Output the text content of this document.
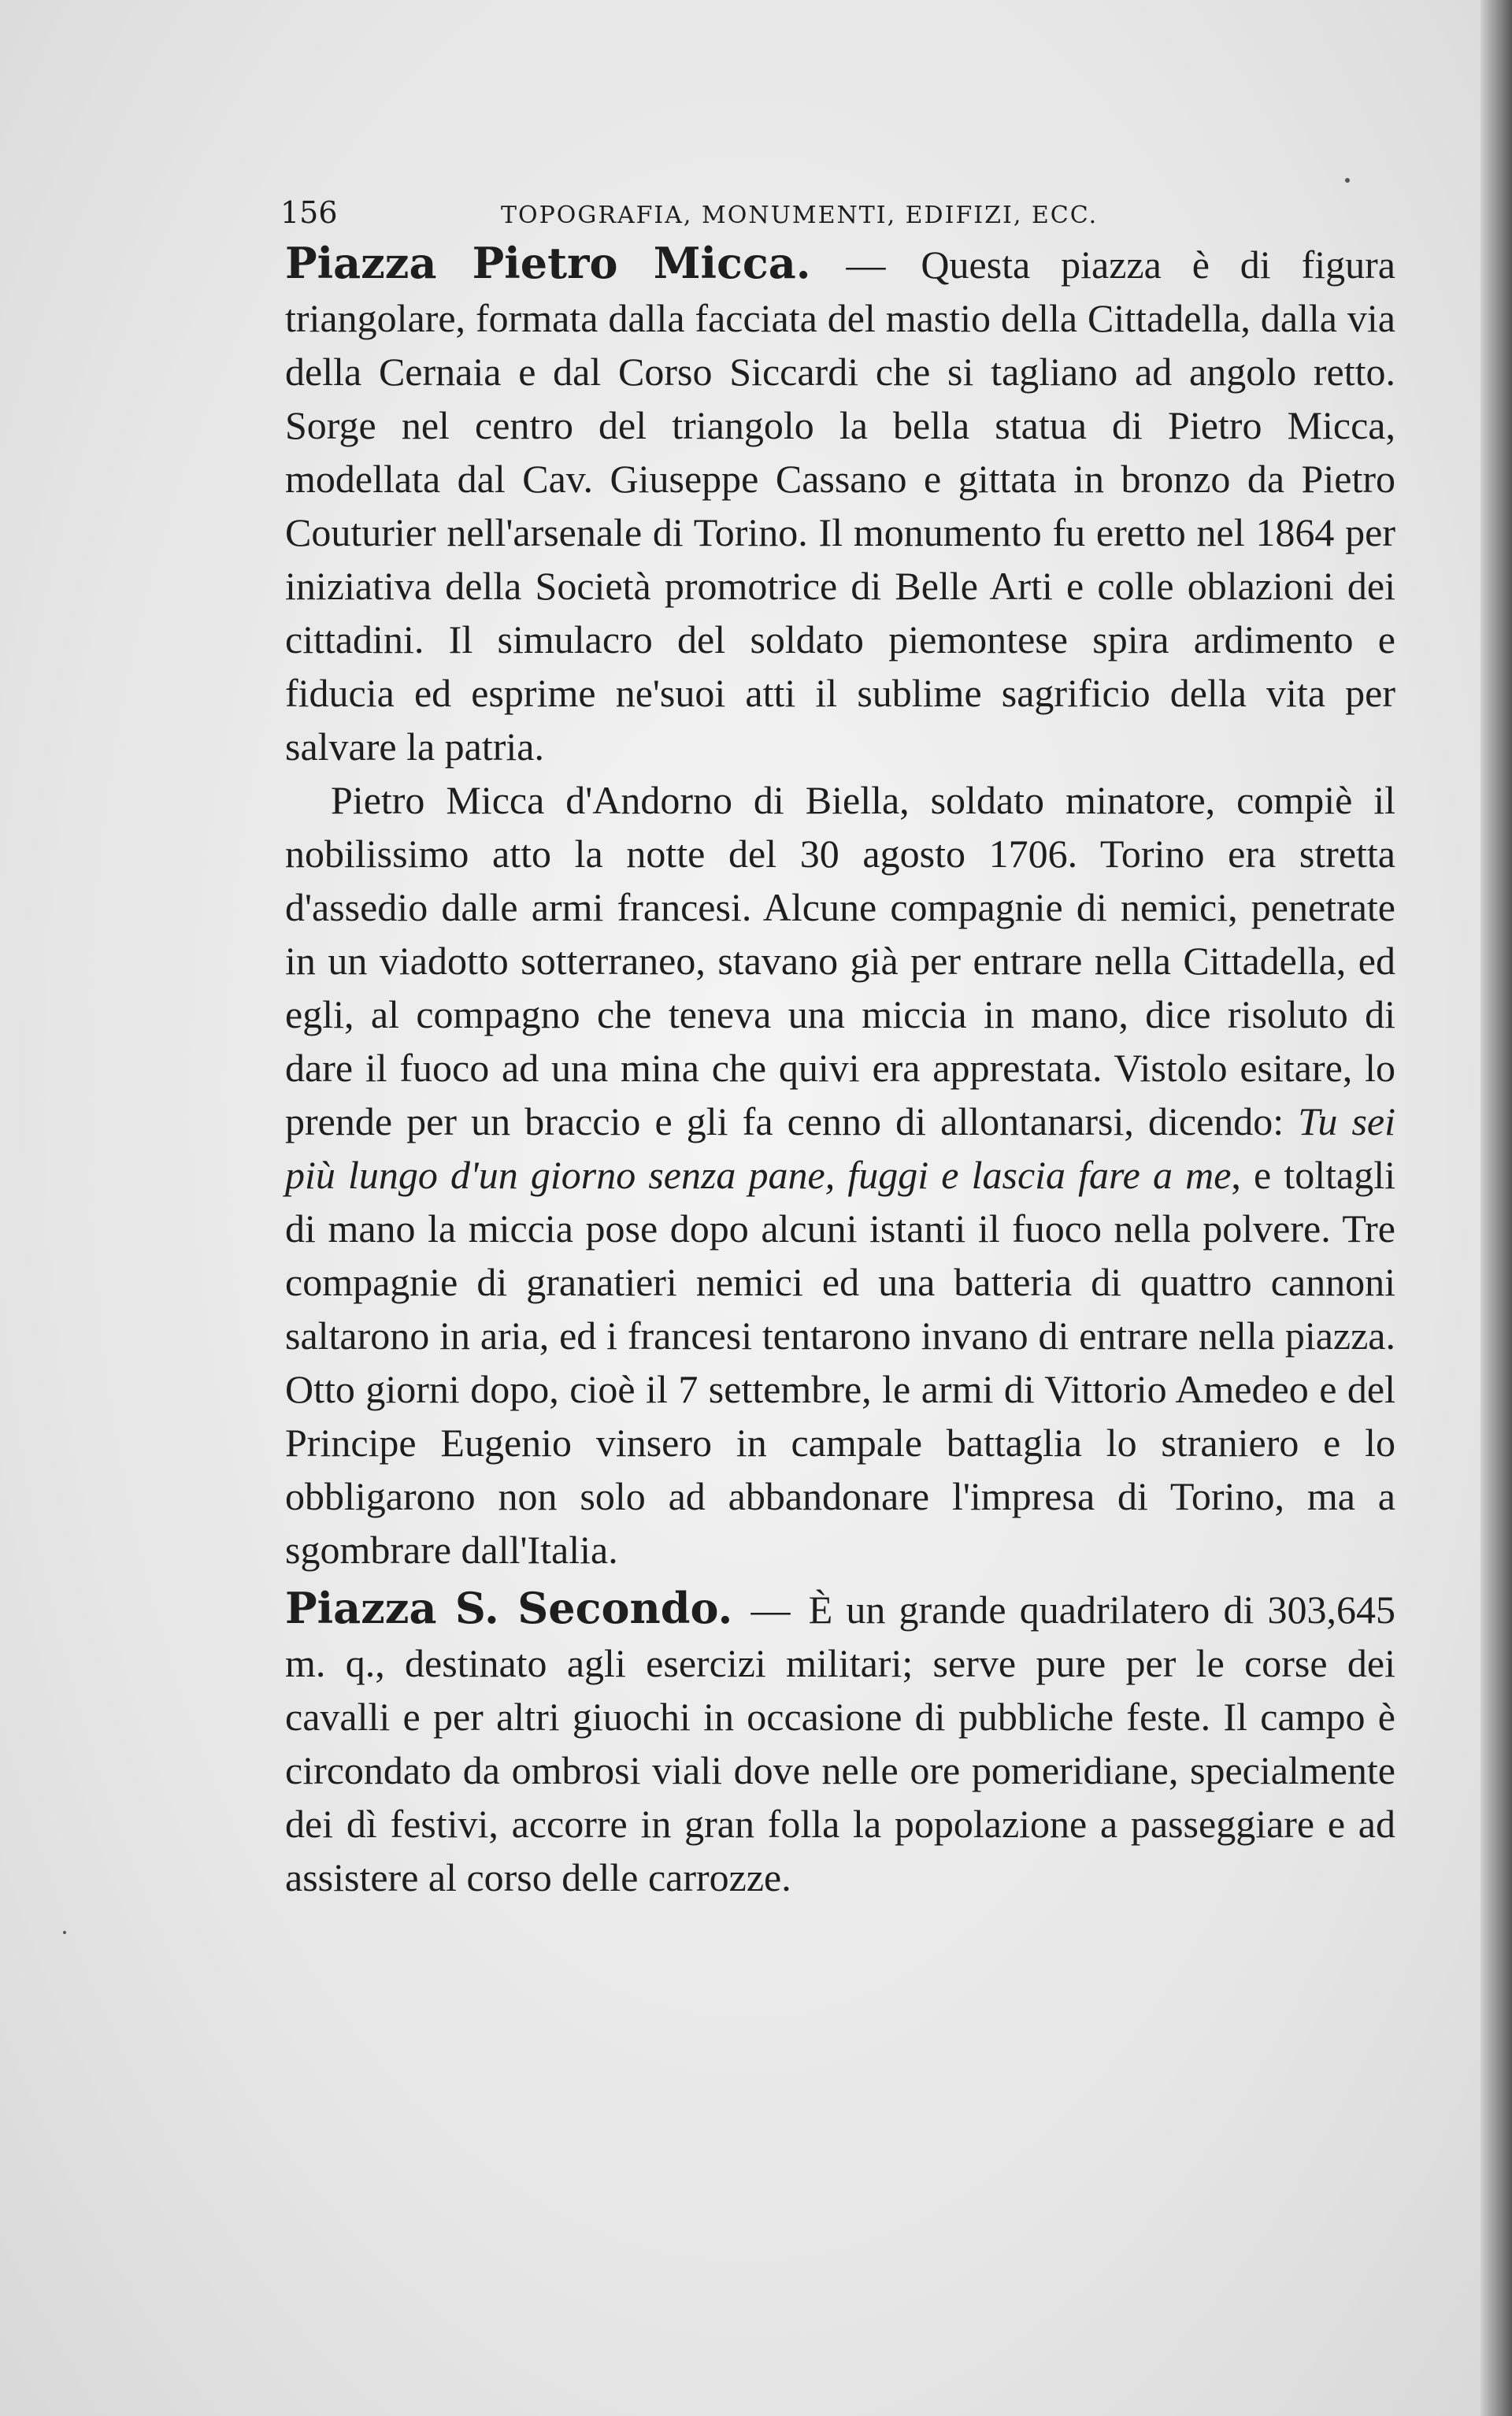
156	TOPOGRAFIA, MONUMENTI, EDIFIZI, ECC.

Piazza Pietro Micca. — Questa piazza è di figura triangolare, formata dalla facciata del mastio della Cittadella, dalla via della Cernaia e dal Corso Siccardi che si tagliano ad angolo retto. Sorge nel centro del triangolo la bella statua di Pietro Micca, modellata dal Cav. Giuseppe Cassano e gittata in bronzo da Pietro Couturier nell'arsenale di Torino. Il monumento fu eretto nel 1864 per iniziativa della Società promotrice di Belle Arti e colle oblazioni dei cittadini. Il simulacro del soldato piemontese spira ardimento e fiducia ed esprime ne'suoi atti il sublime sagrificio della vita per salvare la patria.

Pietro Micca d'Andorno di Biella, soldato minatore, compiè il nobilissimo atto la notte del 30 agosto 1706. Torino era stretta d'assedio dalle armi francesi. Alcune compagnie di nemici, penetrate in un viadotto sotterraneo, stavano già per entrare nella Cittadella, ed egli, al compagno che teneva una miccia in mano, dice risoluto di dare il fuoco ad una mina che quivi era apprestata. Vistolo esitare, lo prende per un braccio e gli fa cenno di allontanarsi, dicendo: Tu sei più lungo d'un giorno senza pane, fuggi e lascia fare a me, e toltagli di mano la miccia pose dopo alcuni istanti il fuoco nella polvere. Tre compagnie di granatieri nemici ed una batteria di quattro cannoni saltarono in aria, ed i francesi tentarono invano di entrare nella piazza. Otto giorni dopo, cioè il 7 settembre, le armi di Vittorio Amedeo e del Principe Eugenio vinsero in campale battaglia lo straniero e lo obbligarono non solo ad abbandonare l'impresa di Torino, ma a sgombrare dall'Italia.

Piazza S. Secondo. — È un grande quadrilatero di 303,645 m. q., destinato agli esercizi militari; serve pure per le corse dei cavalli e per altri giuochi in occasione di pubbliche feste. Il campo è circondato da ombrosi viali dove nelle ore pomeridiane, specialmente dei dì festivi, accorre in gran folla la popolazione a passeggiare e ad assistere al corso delle carrozze.
